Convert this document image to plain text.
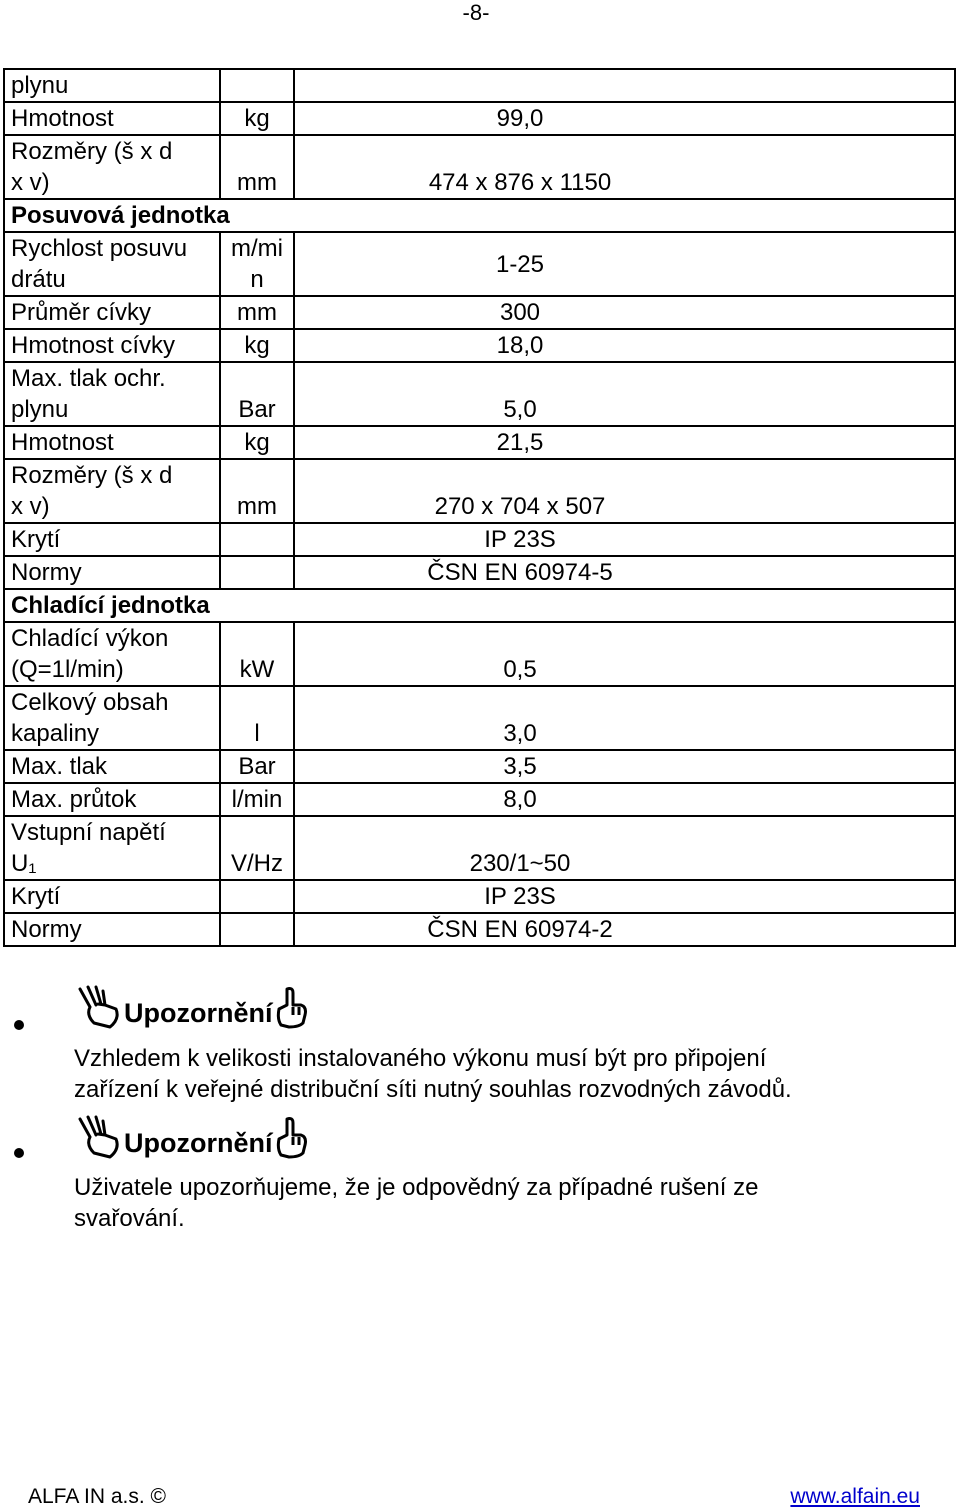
-8-
plynu		

Hmotnost	kg	99,0

Rozměry (š x d
x v)	mm	474 x 876 x 1150

Posuvová jednotka		
Rychlost posuvu
drátu	m/mi
n	1-25

Průměr cívky	mm	300

Hmotnost cívky	kg	18,0

Max. tlak ochr.
plynu	Bar	5,0

Hmotnost	kg	21,5

Rozměry (š x d
x v)	mm	270 x 704 x 507

Krytí		IP 23S

Normy		ČSN EN 60974-5

Chladící jednotka		
Chladící výkon
(Q=1l/min)	kW	0,5

Celkový obsah
kapaliny	l	3,0

Max. tlak	Bar	3,5

Max. průtok	l/min	8,0

Vstupní napětí
U₁	V/Hz	230/1~50

Krytí		IP 23S

Normy		ČSN EN 60974-2
Upozornění
Vzhledem k velikosti instalovaného výkonu musí být pro připojení
zařízení k veřejné distribuční síti nutný souhlas rozvodných závodů.
Upozornění
Uživatele upozorňujeme, že je odpovědný za případné rušení ze
svařování.
ALFA IN a.s. ©	www.alfain.eu
